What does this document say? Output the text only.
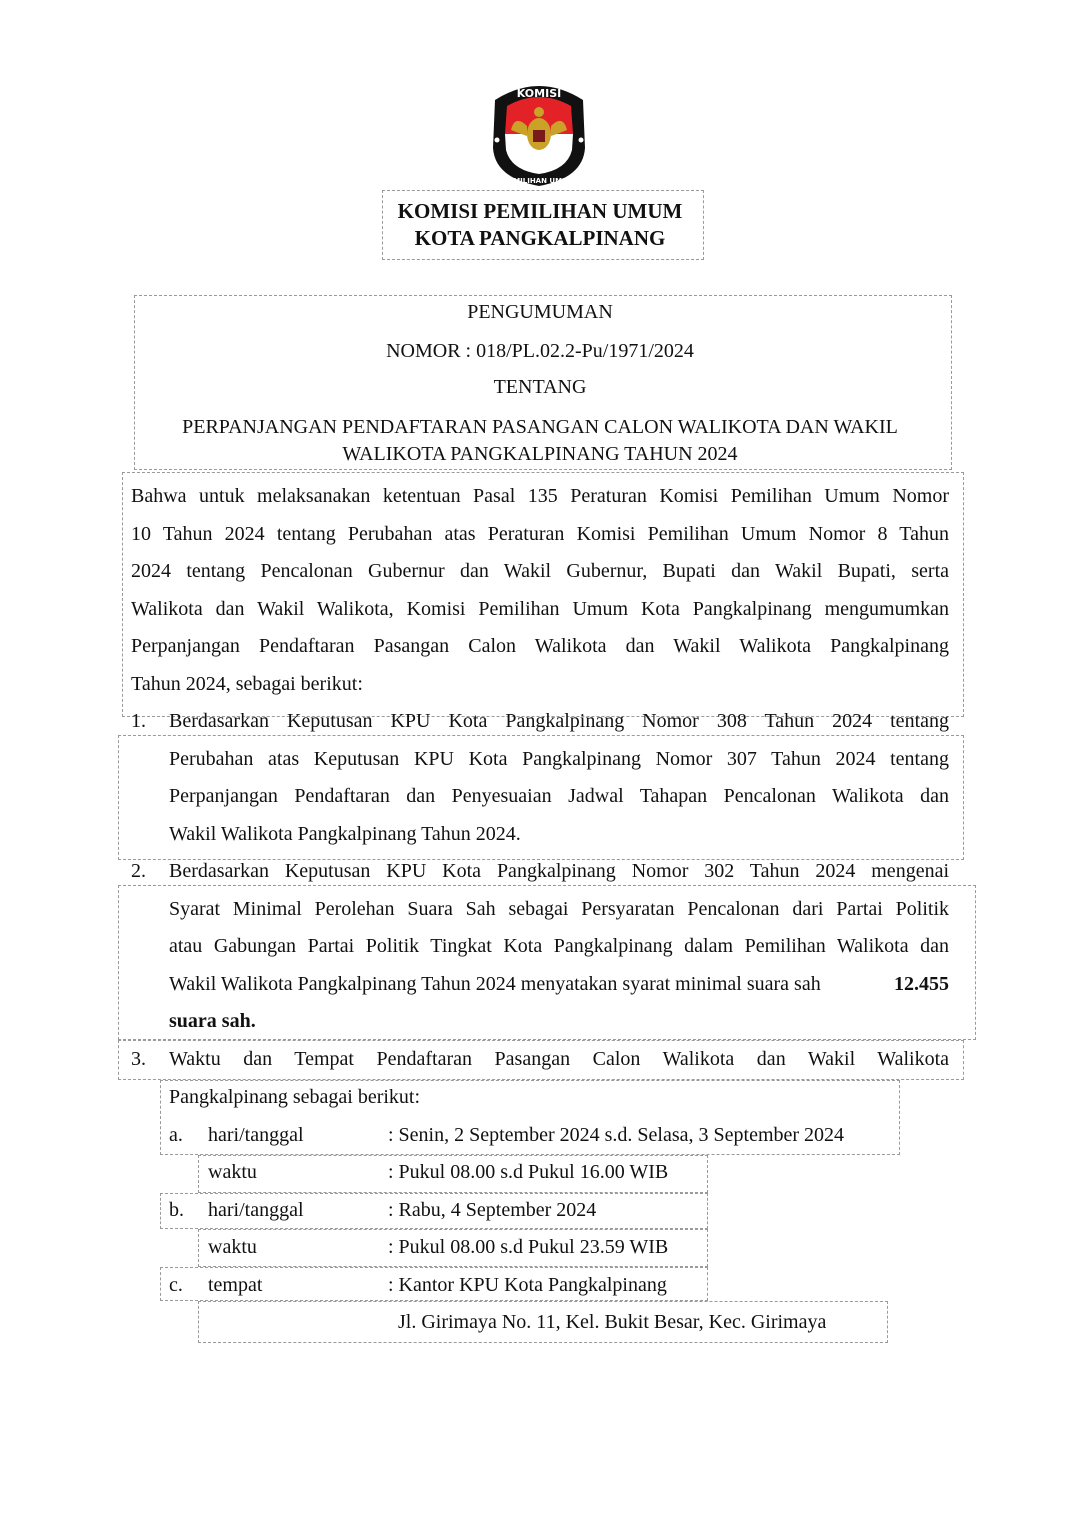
KOMISI
PEMILIHAN UMUM
KOMISI PEMILIHAN UMUM
KOTA PANGKALPINANG
PENGUMUMAN
NOMOR : 018/PL.02.2-Pu/1971/2024
TENTANG
PERPANJANGAN PENDAFTARAN PASANGAN CALON WALIKOTA DAN WAKIL
WALIKOTA PANGKALPINANG TAHUN 2024
Bahwa untuk melaksanakan ketentuan Pasal 135 Peraturan Komisi Pemilihan Umum Nomor
10 Tahun 2024 tentang Perubahan atas Peraturan Komisi Pemilihan Umum Nomor 8 Tahun
2024 tentang Pencalonan Gubernur dan Wakil Gubernur, Bupati dan Wakil Bupati, serta
Walikota dan Wakil Walikota, Komisi Pemilihan Umum Kota Pangkalpinang mengumumkan
Perpanjangan Pendaftaran Pasangan Calon Walikota dan Wakil Walikota Pangkalpinang
Tahun 2024, sebagai berikut:
1.	Berdasarkan Keputusan KPU Kota Pangkalpinang Nomor 308 Tahun 2024 tentang
Perubahan atas Keputusan KPU Kota Pangkalpinang Nomor 307 Tahun 2024 tentang
Perpanjangan Pendaftaran dan Penyesuaian Jadwal Tahapan Pencalonan Walikota dan
Wakil Walikota Pangkalpinang Tahun 2024.
2.	Berdasarkan Keputusan KPU Kota Pangkalpinang Nomor 302 Tahun 2024 mengenai
Syarat Minimal Perolehan Suara Sah sebagai Persyaratan Pencalonan dari Partai Politik
atau Gabungan Partai Politik Tingkat Kota Pangkalpinang dalam Pemilihan Walikota dan
Wakil Walikota Pangkalpinang Tahun 2024 menyatakan syarat minimal suara sah	12.455
suara sah.
3.	Waktu dan Tempat Pendaftaran Pasangan Calon Walikota dan Wakil Walikota
Pangkalpinang sebagai berikut:
a. hari/tanggal	: Senin, 2 September 2024 s.d. Selasa, 3 September 2024
waktu	: Pukul 08.00 s.d Pukul 16.00 WIB
b. hari/tanggal	: Rabu, 4 September 2024
waktu	: Pukul 08.00 s.d Pukul 23.59 WIB
c. tempat	: Kantor KPU Kota Pangkalpinang
Jl. Girimaya No. 11, Kel. Bukit Besar, Kec. Girimaya
